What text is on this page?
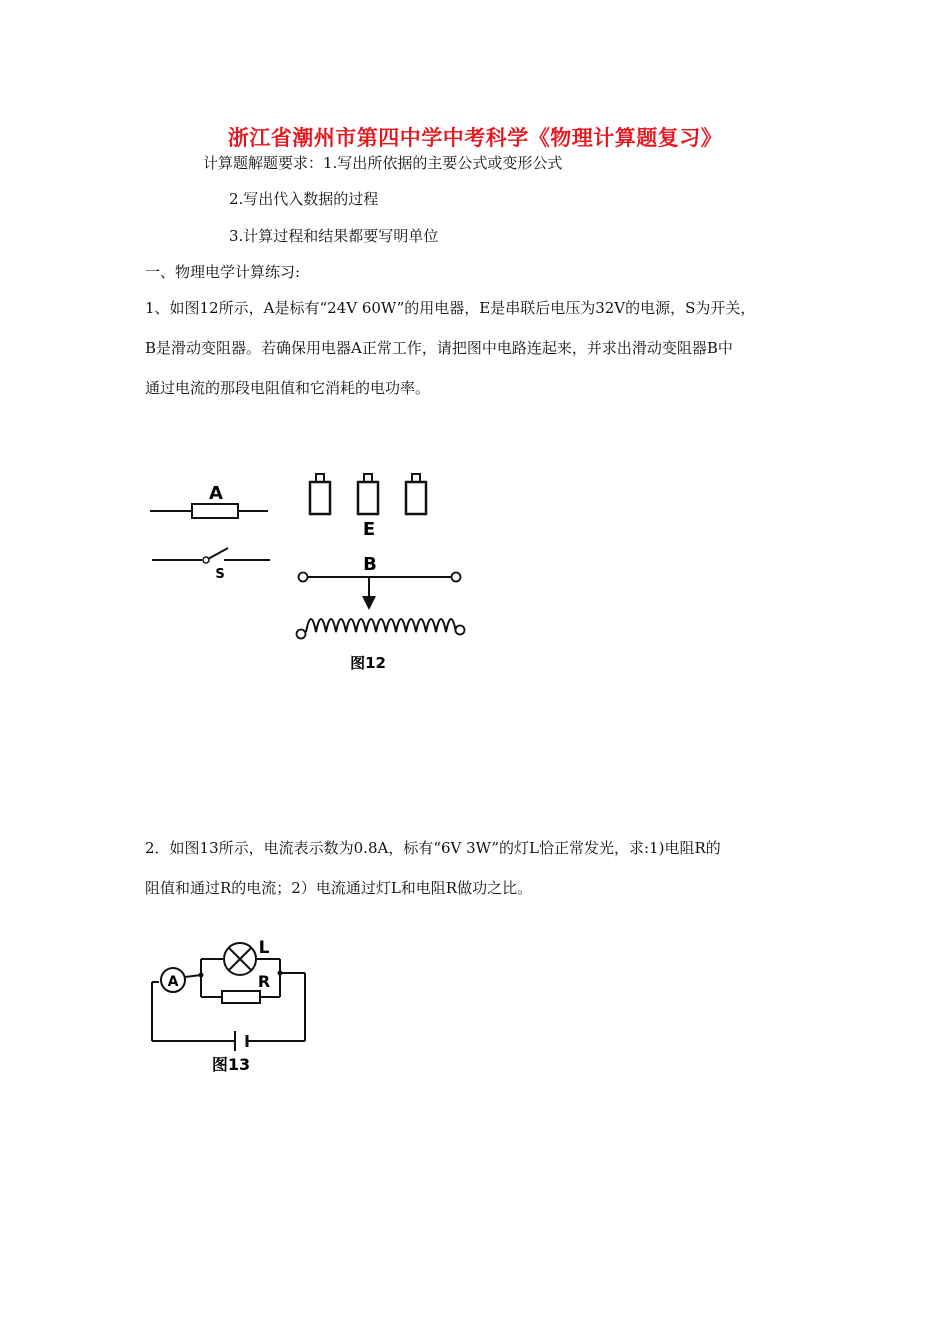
浙江省潮州市第四中学中考科学《物理计算题复习》
计算题解题要求：1.写出所依据的主要公式或变形公式
2.写出代入数据的过程
3.计算过程和结果都要写明单位
一、物理电学计算练习:
1、如图12所示，A是标有“24V 60W”的用电器，E是串联后电压为32V的电源，S为开关，
B是滑动变阻器。若确保用电器A正常工作，请把图中电路连起来，并求出滑动变阻器B中
通过电流的那段电阻值和它消耗的电功率。
A
S
E
B
图12
2．如图13所示，电流表示数为0.8A，标有“6V 3W”的灯L恰正常发光，求:1)电阻R的
阻值和通过R的电流；2）电流通过灯L和电阻R做功之比。
A
L
R
图13
